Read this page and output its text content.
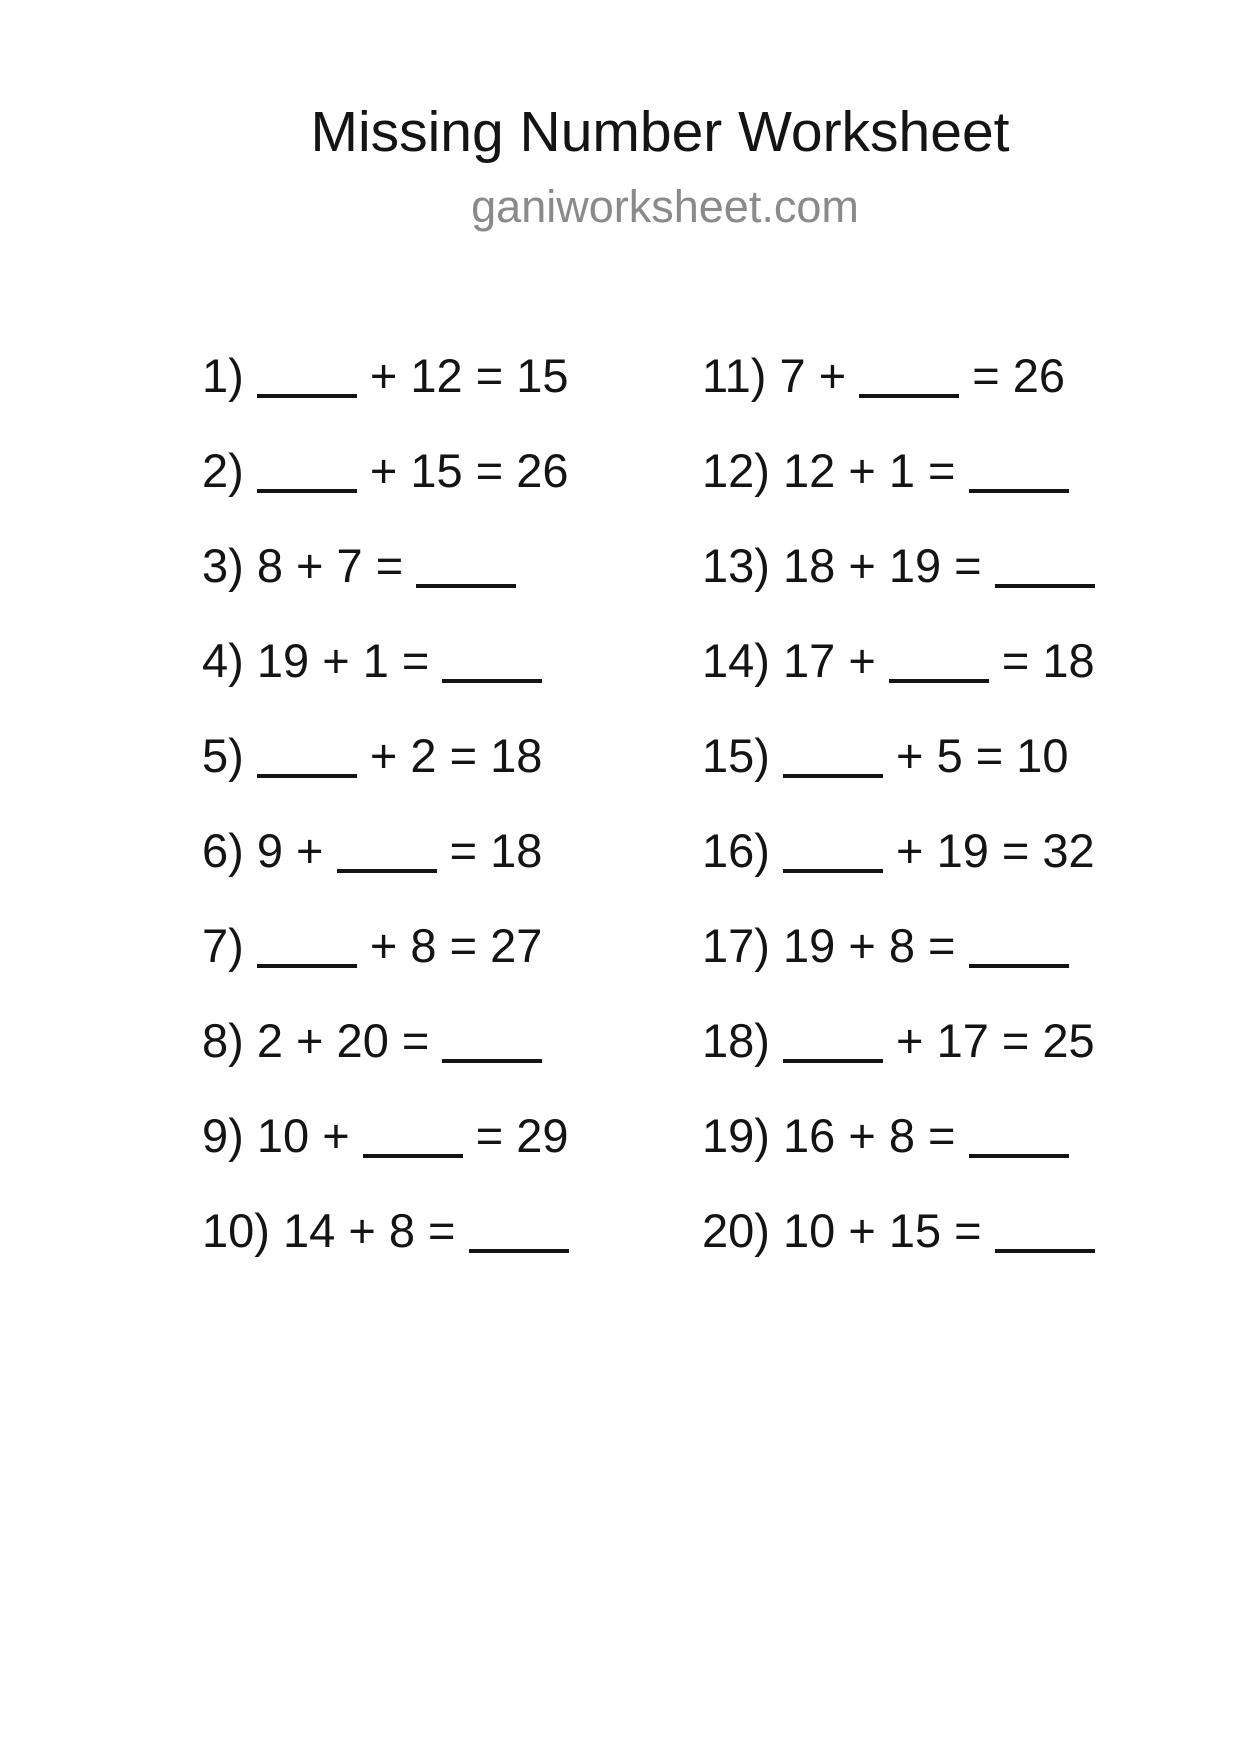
Missing Number Worksheet
ganiworksheet.com
1)  + 12 = 15
2)  + 15 = 26
3) 8 + 7 =
4) 19 + 1 =
5)  + 2 = 18
6) 9 +  = 18
7)  + 8 = 27
8) 2 + 20 =
9) 10 +  = 29
10) 14 + 8 =
11) 7 +  = 26
12) 12 + 1 =
13) 18 + 19 =
14) 17 +  = 18
15)  + 5 = 10
16)  + 19 = 32
17) 19 + 8 =
18)  + 17 = 25
19) 16 + 8 =
20) 10 + 15 =
